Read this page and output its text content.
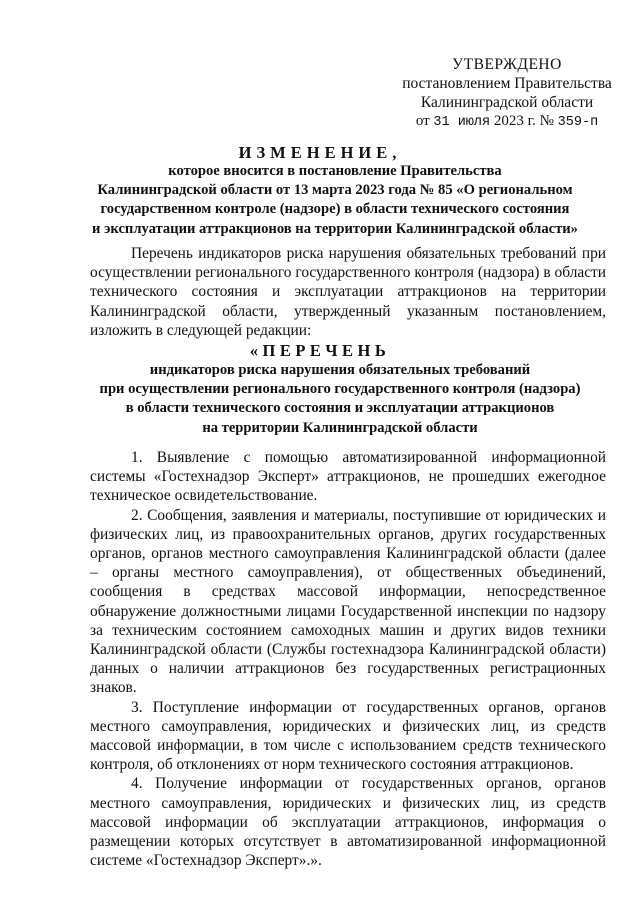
УТВЕРЖДЕНО
постановлением Правительства
Калининградской области
от 31 июля 2023 г. № 359-п
ИЗМЕНЕНИЕ,
которое вносится в постановление Правительства
Калининградской области от 13 марта 2023 года № 85 «О региональном
государственном контроле (надзоре) в области технического состояния
и эксплуатации аттракционов на территории Калининградской области»
Перечень индикаторов риска нарушения обязательных требований при осуществлении регионального государственного контроля (надзора) в области технического состояния и эксплуатации аттракционов на территории Калининградской области, утвержденный указанным постановлением, изложить в следующей редакции:
«ПЕРЕЧЕНЬ
индикаторов риска нарушения обязательных требований
при осуществлении регионального государственного контроля (надзора)
в области технического состояния и эксплуатации аттракционов
на территории Калининградской области

1. Выявление с помощью автоматизированной информационной системы «Гостехнадзор Эксперт» аттракционов, не прошедших ежегодное техническое освидетельствование.

2. Сообщения, заявления и материалы, поступившие от юридических и физических лиц, из правоохранительных органов, других государственных органов, органов местного самоуправления Калининградской области (далее – органы местного самоуправления), от общественных объединений, сообщения в средствах массовой информации, непосредственное обнаружение должностными лицами Государственной инспекции по надзору за техническим состоянием самоходных машин и других видов техники Калининградской области (Службы гостехнадзора Калининградской области) данных о наличии аттракционов без государственных регистрационных знаков.

3. Поступление информации от государственных органов, органов местного самоуправления, юридических и физических лиц, из средств массовой информации, в том числе с использованием средств технического контроля, об отклонениях от норм технического состояния аттракционов.

4. Получение информации от государственных органов, органов местного самоуправления, юридических и физических лиц, из средств массовой информации об эксплуатации аттракционов, информация о размещении которых отсутствует в автоматизированной информационной системе «Гостехнадзор Эксперт».».
